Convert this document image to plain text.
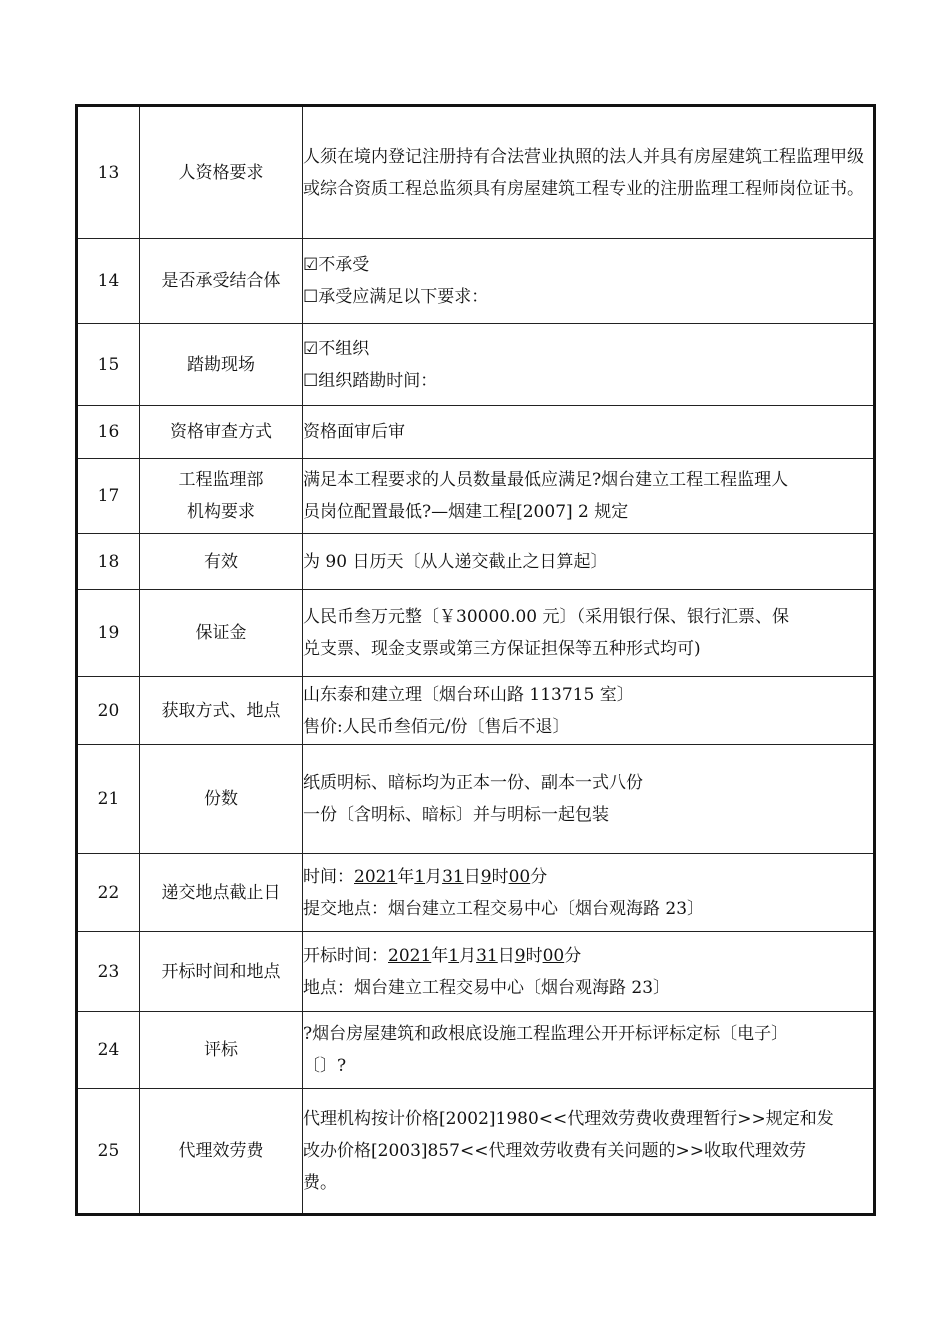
13	人资格要求	人须在境内登记注册持有合法营业执照的法人并具有房屋建筑工程监理甲级或综合资质工程总监须具有房屋建筑工程专业的注册监理工程师岗位证书。

14	是否承受结合体	☑不承受
☐承受应满足以下要求：

15	踏勘现场	☑不组织
☐组织踏勘时间：

16	资格审查方式	资格面审后审

17	工程监理部
机构要求	满足本工程要求的人员数量最低应满足?烟台建立工程工程监理人
员岗位配置最低?—烟建工程[2007] 2 规定

18	有效	为 90 日历天〔从人递交截止之日算起〕

19	保证金	人民币叁万元整〔￥30000.00 元〕（采用银行保、银行汇票、保
兑支票、现金支票或第三方保证担保等五种形式均可)

20	获取方式、地点	山东泰和建立理〔烟台环山路 113715 室〕
售价:人民币叁佰元/份〔售后不退〕

21	份数	纸质明标、暗标均为正本一份、副本一式八份
一份〔含明标、暗标〕并与明标一起包装

22	递交地点截止日	时间：2021年1月31日9时00分
提交地点：烟台建立工程交易中心〔烟台观海路 23〕

23	开标时间和地点	开标时间：2021年1月31日9时00分
地点：烟台建立工程交易中心〔烟台观海路 23〕

24	评标	?烟台房屋建筑和政根底设施工程监理公开开标评标定标〔电子〕
〔〕?

25	代理效劳费	代理机构按计价格[2002]1980<<代理效劳费收费理暂行>>规定和发
改办价格[2003]857<<代理效劳收费有关问题的>>收取代理效劳
费。
